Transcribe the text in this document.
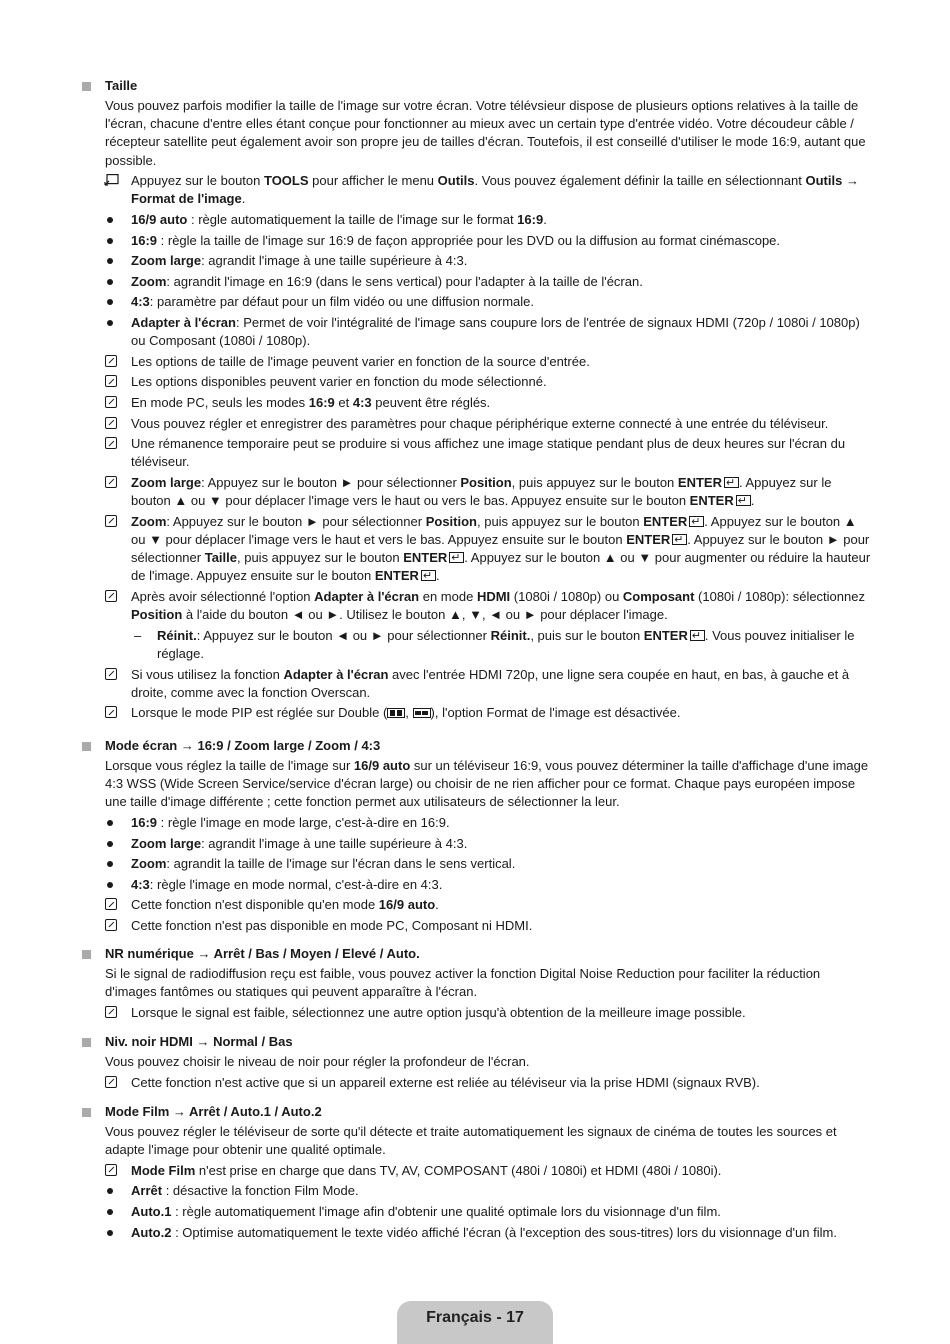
Taille
Vous pouvez parfois modifier la taille de l'image sur votre écran. Votre télévsieur dispose de plusieurs options relatives à la taille de l'écran, chacune d'entre elles étant conçue pour fonctionner au mieux avec un certain type d'entrée vidéo. Votre découdeur câble / récepteur satellite peut également avoir son propre jeu de tailles d'écran. Toutefois, il est conseillé d'utiliser le mode 16:9, autant que possible.
Appuyez sur le bouton TOOLS pour afficher le menu Outils. Vous pouvez également définir la taille en sélectionnant Outils → Format de l'image.
16/9 auto : règle automatiquement la taille de l'image sur le format 16:9.
16:9 : règle la taille de l'image sur 16:9 de façon appropriée pour les DVD ou la diffusion au format cinémascope.
Zoom large: agrandit l'image à une taille supérieure à 4:3.
Zoom: agrandit l'image en 16:9 (dans le sens vertical) pour l'adapter à la taille de l'écran.
4:3: paramètre par défaut pour un film vidéo ou une diffusion normale.
Adapter à l'écran: Permet de voir l'intégralité de l'image sans coupure lors de l'entrée de signaux HDMI (720p / 1080i / 1080p) ou Composant (1080i / 1080p).
Les options de taille de l'image peuvent varier en fonction de la source d'entrée.
Les options disponibles peuvent varier en fonction du mode sélectionné.
En mode PC, seuls les modes 16:9 et 4:3 peuvent être réglés.
Vous pouvez régler et enregistrer des paramètres pour chaque périphérique externe connecté à une entrée du téléviseur.
Une rémanence temporaire peut se produire si vous affichez une image statique pendant plus de deux heures sur l'écran du téléviseur.
Zoom large: Appuyez sur le bouton ► pour sélectionner Position, puis appuyez sur le bouton ENTER ↵ . Appuyez sur le bouton ▲ ou ▼ pour déplacer l'image vers le haut ou vers le bas. Appuyez ensuite sur le bouton ENTER ↵ .
Zoom: Appuyez sur le bouton ► pour sélectionner Position, puis appuyez sur le bouton ENTER ↵ . Appuyez sur le bouton ▲ ou ▼ pour déplacer l'image vers le haut et vers le bas. Appuyez ensuite sur le bouton ENTER ↵ . Appuyez sur le bouton ► pour sélectionner Taille, puis appuyez sur le bouton ENTER ↵ . Appuyez sur le bouton ▲ ou ▼ pour augmenter ou réduire la hauteur de l'image. Appuyez ensuite sur le bouton ENTER ↵ .
Après avoir sélectionné l'option Adapter à l'écran en mode HDMI (1080i / 1080p) ou Composant (1080i / 1080p): sélectionnez Position à l'aide du bouton ◄ ou ►. Utilisez le bouton ▲, ▼, ◄ ou ► pour déplacer l'image.
– Réinit.: Appuyez sur le bouton ◄ ou ► pour sélectionner Réinit., puis sur le bouton ENTER ↵ . Vous pouvez initialiser le réglage.
Si vous utilisez la fonction Adapter à l'écran avec l'entrée HDMI 720p, une ligne sera coupée en haut, en bas, à gauche et à droite, comme avec la fonction Overscan.
Lorsque le mode PIP est réglée sur Double ( , ), l'option Format de l'image est désactivée.
Mode écran → 16:9 / Zoom large / Zoom / 4:3
Lorsque vous réglez la taille de l'image sur 16/9 auto sur un téléviseur 16:9, vous pouvez déterminer la taille d'affichage d'une image 4:3 WSS (Wide Screen Service/service d'écran large) ou choisir de ne rien afficher pour ce format. Chaque pays européen impose une taille d'image différente ; cette fonction permet aux utilisateurs de sélectionner la leur.
16:9 : règle l'image en mode large, c'est-à-dire en 16:9.
Zoom large: agrandit l'image à une taille supérieure à 4:3.
Zoom: agrandit la taille de l'image sur l'écran dans le sens vertical.
4:3: règle l'image en mode normal, c'est-à-dire en 4:3.
Cette fonction n'est disponible qu'en mode 16/9 auto.
Cette fonction n'est pas disponible en mode PC, Composant ni HDMI.
NR numérique → Arrêt / Bas / Moyen / Elevé / Auto.
Si le signal de radiodiffusion reçu est faible, vous pouvez activer la fonction Digital Noise Reduction pour faciliter la réduction d'images fantômes ou statiques qui peuvent apparaître à l'écran.
Lorsque le signal est faible, sélectionnez une autre option jusqu'à obtention de la meilleure image possible.
Niv. noir HDMI → Normal / Bas
Vous pouvez choisir le niveau de noir pour régler la profondeur de l'écran.
Cette fonction n'est active que si un appareil externe est reliée au téléviseur via la prise HDMI (signaux RVB).
Mode Film → Arrêt / Auto.1 / Auto.2
Vous pouvez régler le téléviseur de sorte qu'il détecte et traite automatiquement les signaux de cinéma de toutes les sources et adapte l'image pour obtenir une qualité optimale.
Mode Film n'est prise en charge que dans TV, AV, COMPOSANT (480i / 1080i) et HDMI (480i / 1080i).
Arrêt : désactive la fonction Film Mode.
Auto.1 : règle automatiquement l'image afin d'obtenir une qualité optimale lors du visionnage d'un film.
Auto.2 : Optimise automatiquement le texte vidéo affiché l'écran (à l'exception des sous-titres) lors du visionnage d'un film.
Français - 17
